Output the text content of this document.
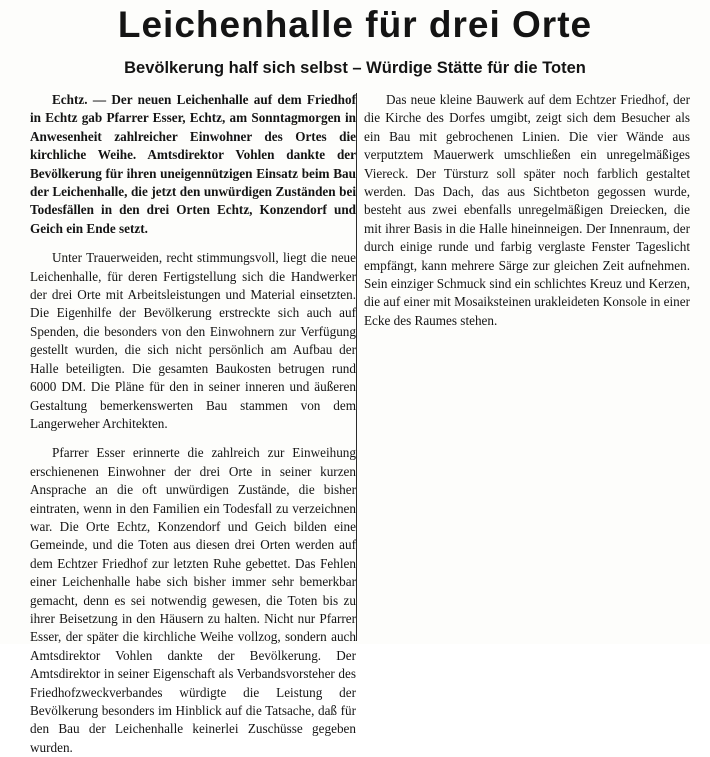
Leichenhalle für drei Orte
Bevölkerung half sich selbst – Würdige Stätte für die Toten

Echtz. — Der neuen Leichenhalle auf dem Friedhof in Echtz gab Pfarrer Esser, Echtz, am Sonntagmorgen in Anwesenheit zahlreicher Einwohner des Ortes die kirchliche Weihe. Amtsdirektor Vohlen dankte der Bevölkerung für ihren uneigennützigen Einsatz beim Bau der Leichenhalle, die jetzt den unwürdigen Zuständen bei Todesfällen in den drei Orten Echtz, Konzendorf und Geich ein Ende setzt.

Unter Trauerweiden, recht stimmungsvoll, liegt die neue Leichenhalle, für deren Fertigstellung sich die Handwerker der drei Orte mit Arbeitsleistungen und Material einsetzten. Die Eigenhilfe der Bevölkerung erstreckte sich auch auf Spenden, die besonders von den Einwohnern zur Verfügung gestellt wurden, die sich nicht persönlich am Aufbau der Halle beteiligten. Die gesamten Baukosten betrugen rund 6000 DM. Die Pläne für den in seiner inneren und äußeren Gestaltung bemerkenswerten Bau stammen von dem Langerweher Architekten.

Pfarrer Esser erinnerte die zahlreich zur Einweihung erschienenen Einwohner der drei Orte in seiner kurzen Ansprache an die oft unwürdigen Zustände, die bisher eintraten, wenn in den Familien ein Todesfall zu verzeichnen war. Die Orte Echtz, Konzendorf und Geich bilden eine Gemeinde, und die Toten aus diesen drei Orten werden auf dem Echtzer Friedhof zur letzten Ruhe gebettet. Das Fehlen einer Leichenhalle habe sich bisher immer sehr bemerkbar gemacht, denn es sei notwendig gewesen, die Toten bis zu ihrer Beisetzung in den Häusern zu halten. Nicht nur Pfarrer Esser, der später die kirchliche Weihe vollzog, sondern auch Amtsdirektor Vohlen dankte der Bevölkerung. Der Amtsdirektor in seiner Eigenschaft als Verbandsvorsteher des Friedhofzweckverbandes würdigte die Leistung der Bevölkerung besonders im Hinblick auf die Tatsache, daß für den Bau der Leichenhalle keinerlei Zuschüsse gegeben wurden.

Das neue kleine Bauwerk auf dem Echtzer Friedhof, der die Kirche des Dorfes umgibt, zeigt sich dem Besucher als ein Bau mit gebrochenen Linien. Die vier Wände aus verputztem Mauerwerk umschließen ein unregelmäßiges Viereck. Der Türsturz soll später noch farblich gestaltet werden. Das Dach, das aus Sichtbeton gegossen wurde, besteht aus zwei ebenfalls unregelmäßigen Dreiecken, die mit ihrer Basis in die Halle hineinneigen. Der Innenraum, der durch einige runde und farbig verglaste Fenster Tageslicht empfängt, kann mehrere Särge zur gleichen Zeit aufnehmen. Sein einziger Schmuck sind ein schlichtes Kreuz und Kerzen, die auf einer mit Mosaiksteinen urakleideten Konsole in einer Ecke des Raumes stehen.
